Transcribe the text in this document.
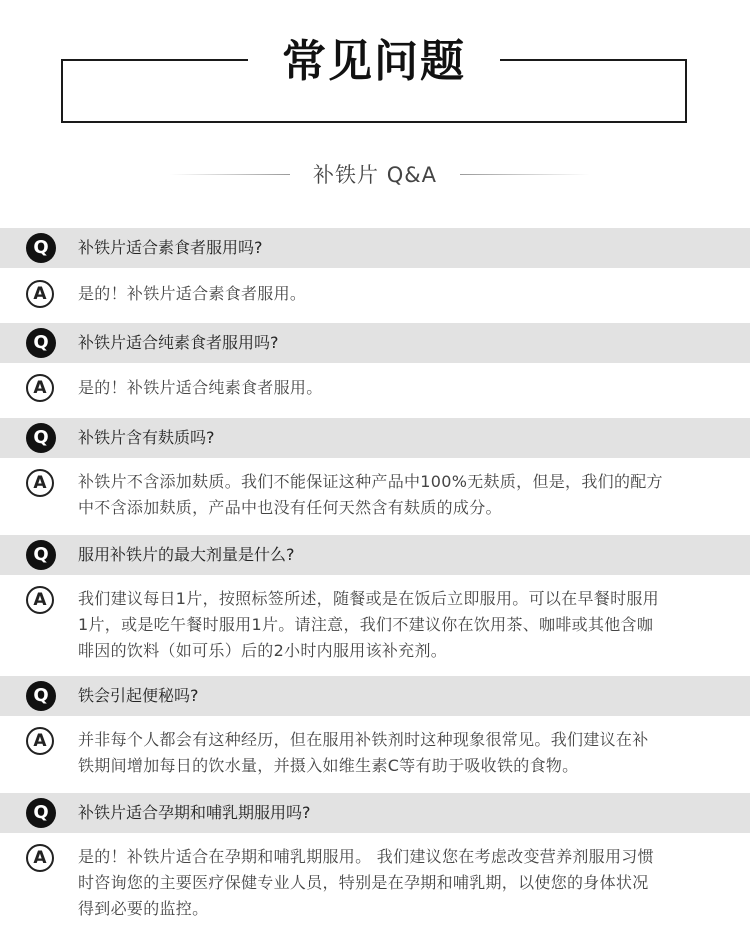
常见问题
补铁片 Q&A
Q	补铁片适合素食者服用吗?
A	是的！补铁片适合素食者服用。
Q	补铁片适合纯素食者服用吗?
A	是的！补铁片适合纯素食者服用。
Q	补铁片含有麸质吗?
A	补铁片不含添加麸质。我们不能保证这种产品中100%无麸质，但是，我们的配方
中不含添加麸质，产品中也没有任何天然含有麸质的成分。
Q	服用补铁片的最大剂量是什么?
A	我们建议每日1片，按照标签所述，随餐或是在饭后立即服用。可以在早餐时服用
1片，或是吃午餐时服用1片。请注意，我们不建议你在饮用茶、咖啡或其他含咖
啡因的饮料（如可乐）后的2小时内服用该补充剂。
Q	铁会引起便秘吗?
A	并非每个人都会有这种经历，但在服用补铁剂时这种现象很常见。我们建议在补
铁期间增加每日的饮水量，并摄入如维生素C等有助于吸收铁的食物。
Q	补铁片适合孕期和哺乳期服用吗?
A	是的！补铁片适合在孕期和哺乳期服用。 我们建议您在考虑改变营养剂服用习惯
时咨询您的主要医疗保健专业人员，特别是在孕期和哺乳期，以使您的身体状况
得到必要的监控。
